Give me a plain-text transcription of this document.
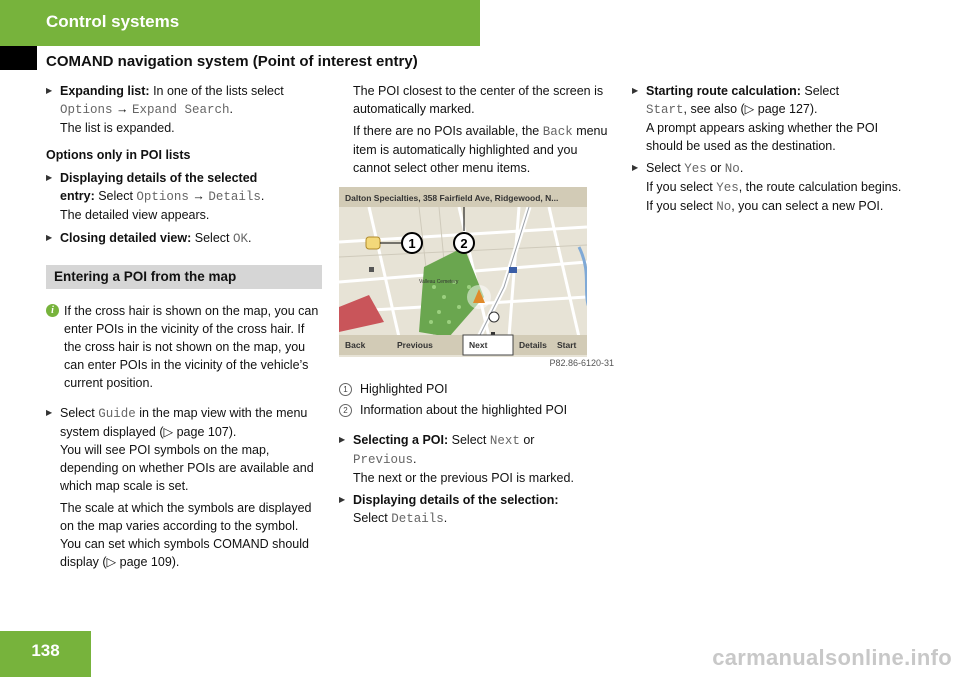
Control systems
COMAND navigation system (Point of interest entry)

▶ Expanding list: In one of the lists select
Options → Expand Search.
The list is expanded.

Options only in POI lists

▶ Displaying details of the selected
entry: Select Options → Details.
The detailed view appears.

▶ Closing detailed view: Select OK.

Entering a POI from the map

i If the cross hair is shown on the map, you can enter POIs in the vicinity of the cross hair. If the cross hair is not shown on the map, you can enter POIs in the vicinity of the vehicle’s current position.

▶ Select Guide in the map view with the menu system displayed (▷ page 107).
You will see POI symbols on the map, depending on whether POIs are available and which map scale is set.

The scale at which the symbols are displayed on the map varies according to the symbol.

You can set which symbols COMAND should display (▷ page 109).

The POI closest to the center of the screen is automatically marked.

If there are no POIs available, the Back menu item is automatically highlighted and you cannot select other menu items.

Valleau Cemetery
Dalton Specialties, 358 Fairfield Ave, Ridgewood, N...
1	2
Back	Previous	Next	Details Start
P82.86-6120-31

1 Highlighted POI

2 Information about the highlighted POI

▶ Selecting a POI: Select Next or
Previous.
The next or the previous POI is marked.

▶ Displaying details of the selection:
Select Details.

▶ Starting route calculation: Select
Start, see also (▷ page 127).
A prompt appears asking whether the POI should be used as the destination.

▶ Select Yes or No.
If you select Yes, the route calculation begins. If you select No, you can select a new POI.

138	carmanualsonline.info
